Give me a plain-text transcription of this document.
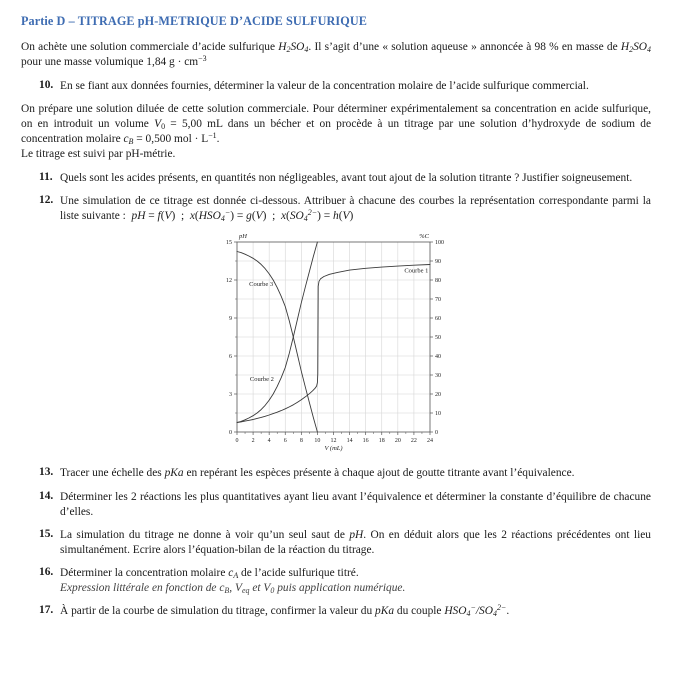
Partie D – TITRAGE pH-METRIQUE D’ACIDE SULFURIQUE

On achète une solution commerciale d’acide sulfurique $H_2SO_4$. Il s’agit d’une « solution aqueuse » annoncée à 98 % en masse de $H_2SO_4$ pour une masse volumique 1,84 $g \cdot cm^{-3}$

10. En se fiant aux données fournies, déterminer la valeur de la concentration molaire de l’acide sulfurique commercial.

On prépare une solution diluée de cette solution commerciale. Pour déterminer expérimentalement sa concentration en acide sulfurique, on en introduit un volume $V_0 = 5,00$ mL dans un bécher et on procède à un titrage par une solution d’hydroxyde de sodium de concentration molaire $c_B = 0,500$ mol · $L^{-1}$.
Le titrage est suivi par pH-métrie.

11. Quels sont les acides présents, en quantités non négligeables, avant tout ajout de la solution titrante ? Justifier soigneusement.
12. Une simulation de ce titrage est donnée ci-dessous. Attribuer à chacune des courbes la représentation correspondante parmi la liste suivante :  pH = f(V)  ;  $x(HSO_4^-) = g(V)$  ;  $x(SO_4^{2-}) = h(V)$
0
3
6
9
12
15
0
10
20
30
40
50
60
70
80
90
100
0 2 4 6 8 10 12 14 16 18 20 22 24
pH	%C
V (mL)
Courbe 1
Courbe 2
Courbe 3
13. Tracer une échelle des pKa en repérant les espèces présente à chaque ajout de goutte titrante avant l’équivalence.
14. Déterminer les 2 réactions les plus quantitatives ayant lieu avant l’équivalence et déterminer la constante d’équilibre de chacune d’elles.
15. La simulation du titrage ne donne à voir qu’un seul saut de pH. On en déduit alors que les 2 réactions précédentes ont lieu simultanément. Ecrire alors l’équation-bilan de la réaction du titrage.
16. Déterminer la concentration molaire $c_A$ de l’acide sulfurique titré.
Expression littérale en fonction de $c_B$, $V_{eq}$ et $V_0$ puis application numérique.
17. À partir de la courbe de simulation du titrage, confirmer la valeur du pKa du couple $HSO_4^-/SO_4^{2-}$.
